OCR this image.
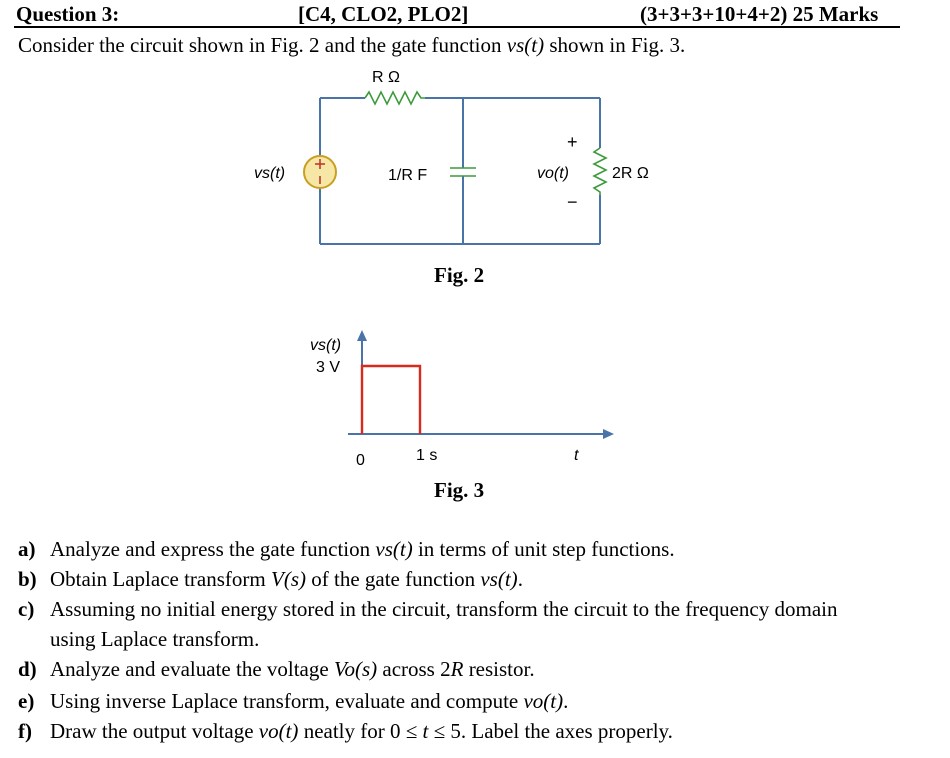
Question 3:	[C4, CLO2, PLO2]	(3+3+3+10+4+2) 25 Marks
Consider the circuit shown in Fig. 2 and the gate function vs(t) shown in Fig. 3.
R Ω
1/R F
vs(t)	vo(t)
+
−
2R Ω
Fig. 2
vs(t)
3 V
0	1 s	t
Fig. 3
a) Analyze and express the gate function vs(t) in terms of unit step functions.
b) Obtain Laplace transform V(s) of the gate function vs(t).
c) Assuming no initial energy stored in the circuit, transform the circuit to the frequency domain
using Laplace transform.
d) Analyze and evaluate the voltage Vo(s) across 2R resistor.
e) Using inverse Laplace transform, evaluate and compute vo(t).
f) Draw the output voltage vo(t) neatly for 0 ≤ t ≤ 5. Label the axes properly.
